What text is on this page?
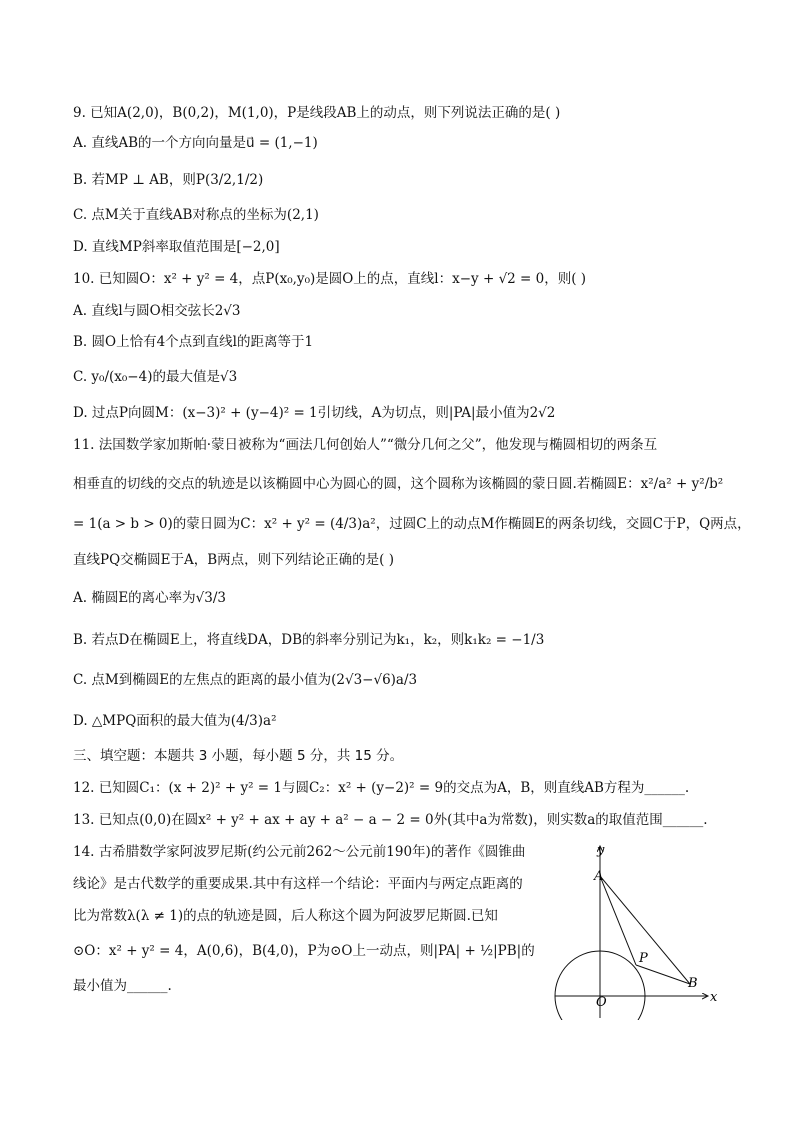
9. 已知A(2,0)，B(0,2)，M(1,0)，P是线段AB上的动点，则下列说法正确的是( )
A. 直线AB的一个方向向量是u⃗ = (1,−1)
B. 若MP ⊥ AB，则P(3/2,1/2)
C. 点M关于直线AB对称点的坐标为(2,1)
D. 直线MP斜率取值范围是[−2,0]
10. 已知圆O：x² + y² = 4，点P(x₀,y₀)是圆O上的点，直线l：x−y + √2 = 0，则( )
A. 直线l与圆O相交弦长2√3
B. 圆O上恰有4个点到直线l的距离等于1
C. y₀/(x₀−4)的最大值是√3
D. 过点P向圆M：(x−3)² + (y−4)² = 1引切线，A为切点，则|PA|最小值为2√2
11. 法国数学家加斯帕·蒙日被称为“画法几何创始人”“微分几何之父”，他发现与椭圆相切的两条互
相垂直的切线的交点的轨迹是以该椭圆中心为圆心的圆，这个圆称为该椭圆的蒙日圆.若椭圆E：x²/a² + y²/b²
= 1(a > b > 0)的蒙日圆为C：x² + y² = (4/3)a²，过圆C上的动点M作椭圆E的两条切线，交圆C于P，Q两点，
直线PQ交椭圆E于A，B两点，则下列结论正确的是( )
A. 椭圆E的离心率为√3/3
B. 若点D在椭圆E上，将直线DA，DB的斜率分别记为k₁，k₂，则k₁k₂ = −1/3
C. 点M到椭圆E的左焦点的距离的最小值为(2√3−√6)a/3
D. △MPQ面积的最大值为(4/3)a²
三、填空题：本题共 3 小题，每小题 5 分，共 15 分。
12. 已知圆C₁：(x + 2)² + y² = 1与圆C₂：x² + (y−2)² = 9的交点为A，B，则直线AB方程为______.
13. 已知点(0,0)在圆x² + y² + ax + ay + a² − a − 2 = 0外(其中a为常数)，则实数a的取值范围______.
14. 古希腊数学家阿波罗尼斯(约公元前262～公元前190年)的著作《圆锥曲
线论》是古代数学的重要成果.其中有这样一个结论：平面内与两定点距离的
比为常数λ(λ ≠ 1)的点的轨迹是圆，后人称这个圆为阿波罗尼斯圆.已知
⊙O：x² + y² = 4，A(0,6)，B(4,0)，P为⊙O上一动点，则|PA| + ½|PB|的
最小值为______.
y
x
A
P
B
O
